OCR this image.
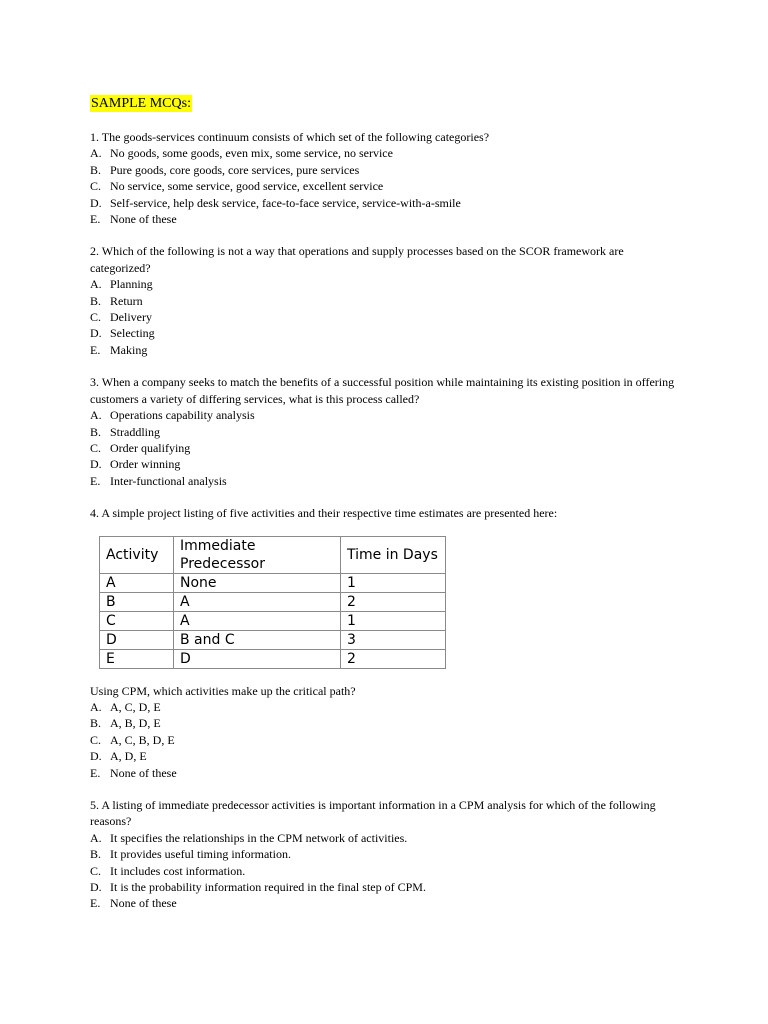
SAMPLE MCQs:

1. The goods-services continuum consists of which set of the following categories?

A. No goods, some goods, even mix, some service, no service
B. Pure goods, core goods, core services, pure services
C. No service, some service, good service, excellent service
D. Self-service, help desk service, face-to-face service, service-with-a-smile
E. None of these

2. Which of the following is not a way that operations and supply processes based on the SCOR framework are categorized?

A. Planning
B. Return
C. Delivery
D. Selecting
E. Making

3. When a company seeks to match the benefits of a successful position while maintaining its existing position in offering customers a variety of differing services, what is this process called?

A. Operations capability analysis
B. Straddling
C. Order qualifying
D. Order winning
E. Inter-functional analysis

4. A simple project listing of five activities and their respective time estimates are presented here:

Activity	Immediate Predecessor	Time in Days
A	None	1
B	A	2
C	A	1
D	B and C	3
E	D	2

Using CPM, which activities make up the critical path?

A. A, C, D, E
B. A, B, D, E
C. A, C, B, D, E
D. A, D, E
E. None of these

5. A listing of immediate predecessor activities is important information in a CPM analysis for which of the following reasons?

A. It specifies the relationships in the CPM network of activities.
B. It provides useful timing information.
C. It includes cost information.
D. It is the probability information required in the final step of CPM.
E. None of these
